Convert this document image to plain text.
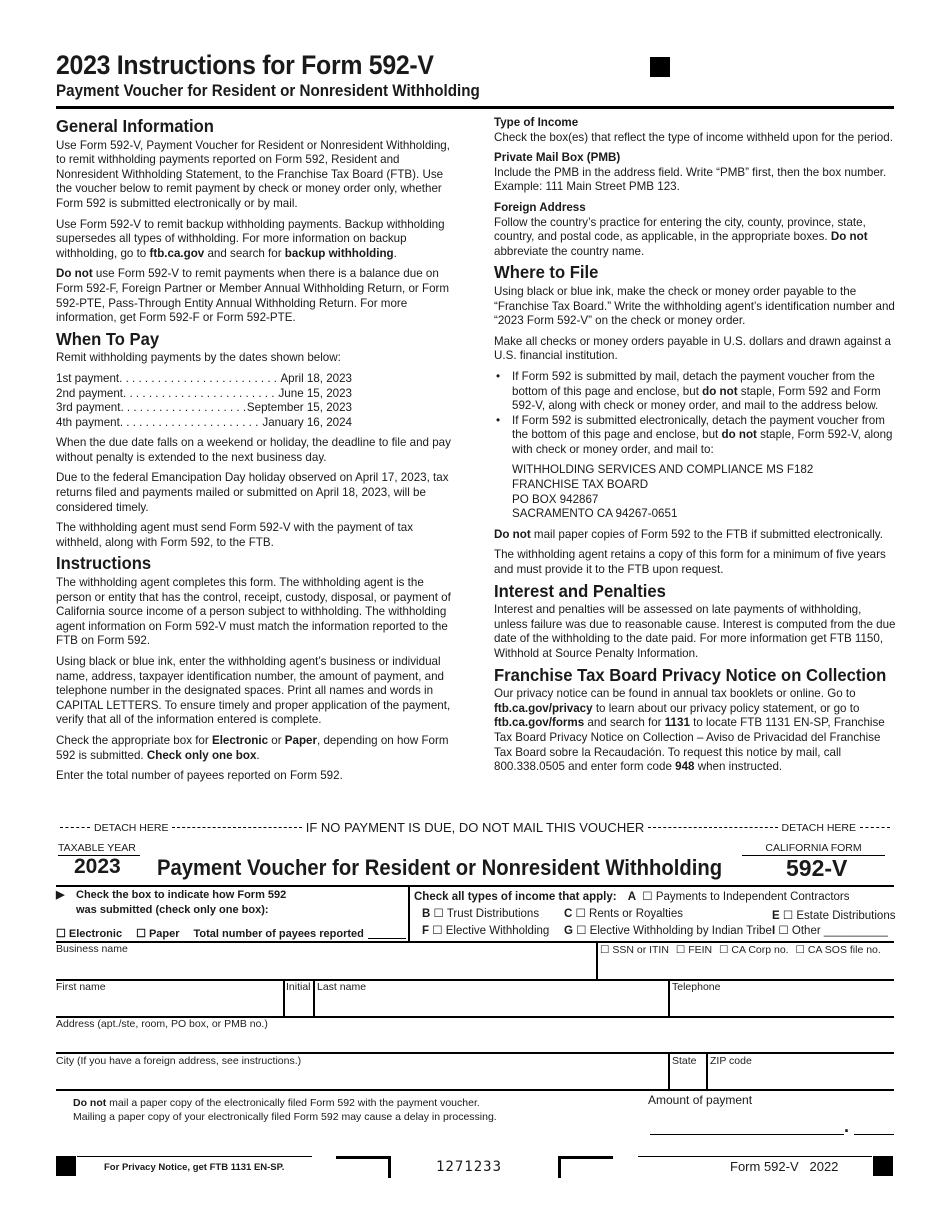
2023 Instructions for Form 592-V
Payment Voucher for Resident or Nonresident Withholding
General Information

Use Form 592-V, Payment Voucher for Resident or Nonresident Withholding, to remit withholding payments reported on Form 592, Resident and Nonresident Withholding Statement, to the Franchise Tax Board (FTB). Use the voucher below to remit payment by check or money order only, whether Form 592 is submitted electronically or by mail.

Use Form 592-V to remit backup withholding payments. Backup withholding supersedes all types of withholding. For more information on backup withholding, go to ftb.ca.gov and search for backup withholding.

Do not use Form 592-V to remit payments when there is a balance due on Form 592-F, Foreign Partner or Member Annual Withholding Return, or Form 592-PTE, Pass-Through Entity Annual Withholding Return. For more information, get Form 592-F or Form 592-PTE.

When To Pay

Remit withholding payments by the dates shown below:

1st payment . . .	April 18, 2023
2nd payment . . .	June 15, 2023
3rd payment . . .	September 15, 2023
4th payment . . .	January 16, 2024

When the due date falls on a weekend or holiday, the deadline to file and pay without penalty is extended to the next business day.

Due to the federal Emancipation Day holiday observed on April 17, 2023, tax returns filed and payments mailed or submitted on April 18, 2023, will be considered timely.

The withholding agent must send Form 592-V with the payment of tax withheld, along with Form 592, to the FTB.

Instructions

The withholding agent completes this form. The withholding agent is the person or entity that has the control, receipt, custody, disposal, or payment of California source income of a person subject to withholding. The withholding agent information on Form 592-V must match the information reported to the FTB on Form 592.

Using black or blue ink, enter the withholding agent’s business or individual name, address, taxpayer identification number, the amount of payment, and telephone number in the designated spaces. Print all names and words in CAPITAL LETTERS. To ensure timely and proper application of the payment, verify that all of the information entered is complete.

Check the appropriate box for Electronic or Paper, depending on how Form 592 is submitted. Check only one box.

Enter the total number of payees reported on Form 592.

Type of Income

Check the box(es) that reflect the type of income withheld upon for the period.

Private Mail Box (PMB)

Include the PMB in the address field. Write “PMB” first, then the box number. Example: 111 Main Street PMB 123.

Foreign Address

Follow the country’s practice for entering the city, county, province, state, country, and postal code, as applicable, in the appropriate boxes. Do not abbreviate the country name.

Where to File

Using black or blue ink, make the check or money order payable to the “Franchise Tax Board.” Write the withholding agent’s identification number and “2023 Form 592-V” on the check or money order.

Make all checks or money orders payable in U.S. dollars and drawn against a U.S. financial institution.

• If Form 592 is submitted by mail, detach the payment voucher from the bottom of this page and enclose, but do not staple, Form 592 and Form 592-V, along with check or money order, and mail to the address below.
• If Form 592 is submitted electronically, detach the payment voucher from the bottom of this page and enclose, but do not staple, Form 592-V, along with check or money order, and mail to:
WITHHOLDING SERVICES AND COMPLIANCE MS F182
FRANCHISE TAX BOARD
PO BOX 942867
SACRAMENTO CA 94267-0651

Do not mail paper copies of Form 592 to the FTB if submitted electronically.

The withholding agent retains a copy of this form for a minimum of five years and must provide it to the FTB upon request.

Interest and Penalties

Interest and penalties will be assessed on late payments of withholding, unless failure was due to reasonable cause. Interest is computed from the due date of the withholding to the date paid. For more information get FTB 1150, Withhold at Source Penalty Information.

Franchise Tax Board Privacy Notice on Collection

Our privacy notice can be found in annual tax booklets or online. Go to ftb.ca.gov/privacy to learn about our privacy policy statement, or go to ftb.ca.gov/forms and search for 1131 to locate FTB 1131 EN-SP, Franchise Tax Board Privacy Notice on Collection – Aviso de Privacidad del Franchise Tax Board sobre la Recaudación. To request this notice by mail, call 800.338.0505 and enter form code 948 when instructed.

DETACH HERE	IF NO PAYMENT IS DUE, DO NOT MAIL THIS VOUCHER	DETACH HERE
TAXABLE YEAR
2023 Payment Voucher for Resident or Nonresident Withholding
CALIFORNIA FORM
592-V
▶	Check the box to indicate how Form 592
was submitted (check only one box):
☐
Electronic ☐ Paper Total number of payees reported
Check all types of income that apply: A ☐ Payments to Independent Contractors
B ☐ Trust Distributions C ☐ Rents or Royalties	E ☐ Estate Distributions
F ☐ Elective Withholding G ☐ Elective Withholding by Indian Tribe I ☐ Other __________
Business name ☐	SSN or ITIN ☐ FEIN ☐ CA Corp no. ☐ CA SOS file no.
First name	Initial Last name	Telephone
Address (apt./ste, room, PO box, or PMB no.)
City (If you have a foreign address, see instructions.)	State	ZIP code
Do not mail a paper copy of the electronically filed Form 592 with the payment voucher.
Mailing a paper copy of your electronically filed Form 592 may cause a delay in processing.
Amount of payment
.
For Privacy Notice, get FTB 1131 EN-SP.	1271233	Form 592-V 2022
